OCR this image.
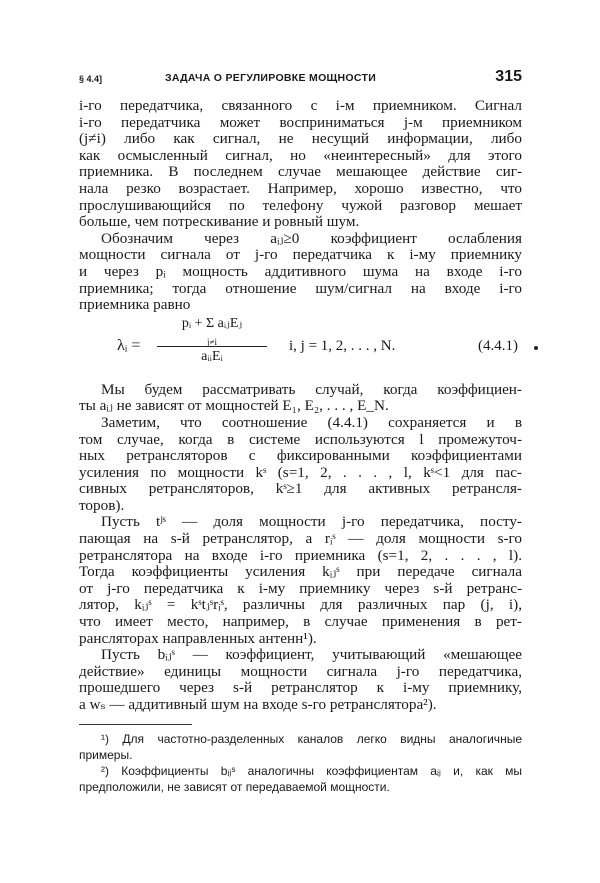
§ 4.4]	ЗАДАЧА О РЕГУЛИРОВКЕ МОЩНОСТИ	315
i-го передатчика, связанного с i-м приемником. Сигнал
i-го передатчика может восприниматься j-м приемником
(j≠i) либо как сигнал, не несущий информации, либо
как осмысленный сигнал, но «неинтересный» для этого
приемника. В последнем случае мешающее действие сиг-
нала резко возрастает. Например, хорошо известно, что
прослушивающийся по телефону чужой разговор мешает
больше, чем потрескивание и ровный шум.
Обозначим через aᵢⱼ≥0 коэффициент ослабления
мощности сигнала от j-го передатчика к i-му приемнику
и через pᵢ мощность аддитивного шума на входе i-го
приемника; тогда отношение шум/сигнал на входе i-го
приемника равно
λᵢ =
pᵢ + Σ aᵢⱼEⱼ
j≠i
aᵢᵢEᵢ
i, j = 1, 2, . . . , N.	(4.4.1)
Мы будем рассматривать случай, когда коэффициен-
ты aᵢⱼ не зависят от мощностей E₁, E₂, . . . , E_N.
Заметим, что соотношение (4.4.1) сохраняется и в
том случае, когда в системе используются l промежуточ-
ных ретрансляторов с фиксированными коэффициентами
усиления по мощности kˢ (s=1, 2, . . . , l, kˢ<1 для пас-
сивных ретрансляторов, kˢ≥1 для активных ретрансля-
торов).
Пусть tʲˢ — доля мощности j-го передатчика, посту-
пающая на s-й ретранслятор, а rᵢˢ — доля мощности s-го
ретранслятора на входе i-го приемника (s=1, 2, . . . , l).
Тогда коэффициенты усиления kᵢⱼˢ при передаче сигнала
от j-го передатчика к i-му приемнику через s-й ретранс-
лятор, kᵢⱼˢ = kˢtⱼˢrᵢˢ, различны для различных пар (j, i),
что имеет место, например, в случае применения в рет-
рансляторах направленных антенн¹).
Пусть bᵢⱼˢ — коэффициент, учитывающий «мешающее
действие» единицы мощности сигнала j-го передатчика,
прошедшего через s-й ретранслятор к i-му приемнику,
а wₛ — аддитивный шум на входе s-го ретранслятора²).
¹) Для частотно-разделенных каналов легко видны аналогичные
примеры.
²) Коэффициенты bᵢⱼˢ аналогичны коэффициентам aᵢⱼ и, как мы
предположили, не зависят от передаваемой мощности.
